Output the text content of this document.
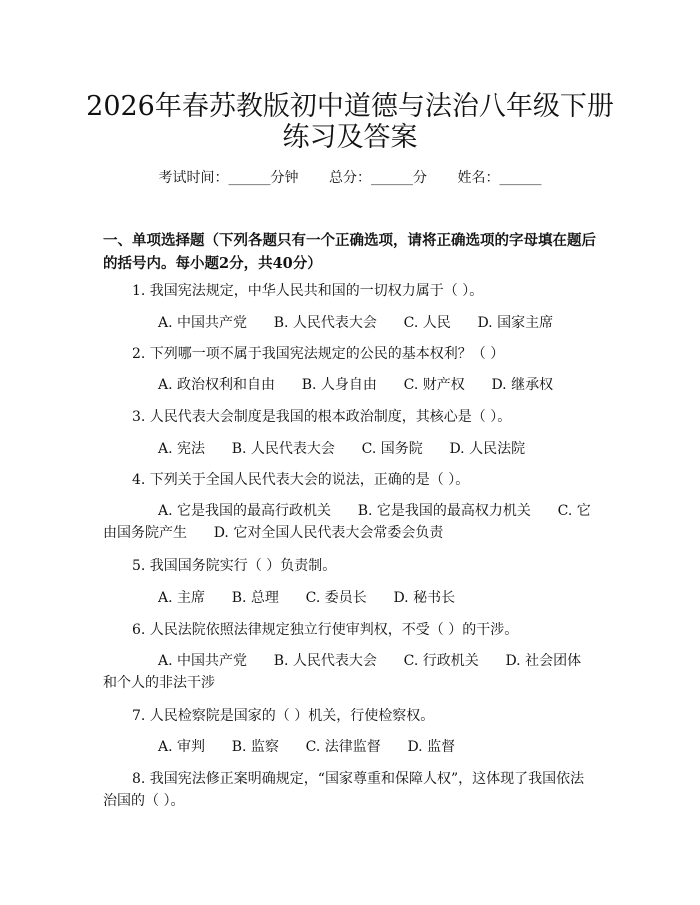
2026年春苏教版初中道德与法治八年级下册
练习及答案
考试时间：______分钟 总分：______分 姓名：______
一、单项选择题（下列各题只有一个正确选项，请将正确选项的字母填在题后的括号内。每小题2分，共40分）
1. 我国宪法规定，中华人民共和国的一切权力属于（ ）。
A. 中国共产党 B. 人民代表大会 C. 人民 D. 国家主席
2. 下列哪一项不属于我国宪法规定的公民的基本权利？（ ）
A. 政治权利和自由 B. 人身自由 C. 财产权 D. 继承权
3. 人民代表大会制度是我国的根本政治制度，其核心是（ ）。
A. 宪法 B. 人民代表大会 C. 国务院 D. 人民法院
4. 下列关于全国人民代表大会的说法，正确的是（ ）。
A. 它是我国的最高行政机关 B. 它是我国的最高权力机关 C. 它由国务院产生 D. 它对全国人民代表大会常委会负责
5. 我国国务院实行（ ）负责制。
A. 主席 B. 总理 C. 委员长 D. 秘书长
6. 人民法院依照法律规定独立行使审判权，不受（ ）的干涉。
A. 中国共产党 B. 人民代表大会 C. 行政机关 D. 社会团体和个人的非法干涉
7. 人民检察院是国家的（ ）机关，行使检察权。
A. 审判 B. 监察 C. 法律监督 D. 监督
8. 我国宪法修正案明确规定，“国家尊重和保障人权”，这体现了我国依法治国的（ ）。
